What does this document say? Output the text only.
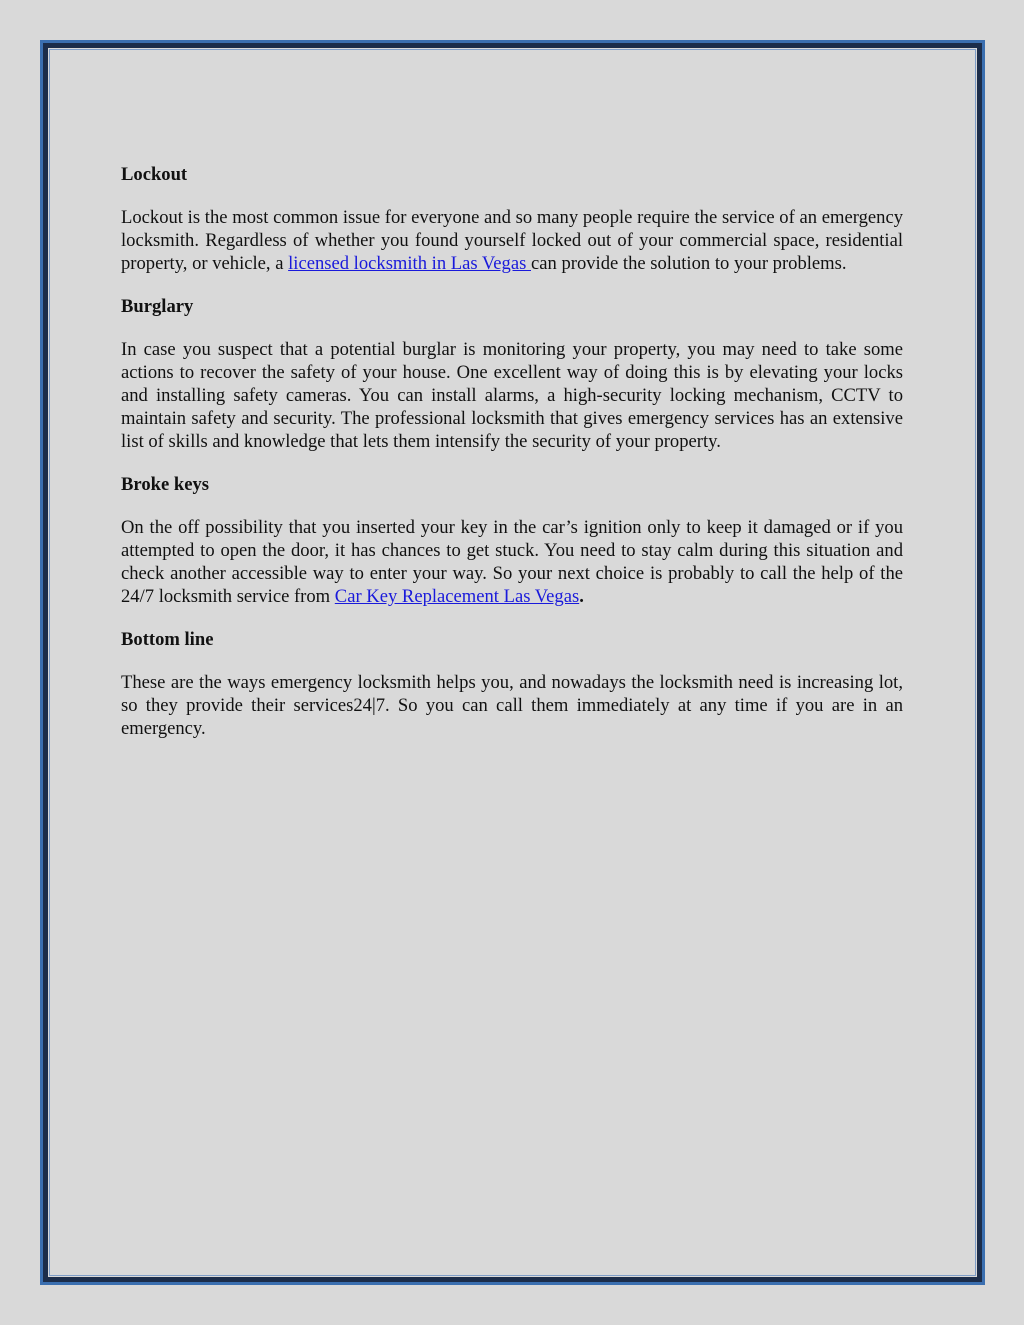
Lockout

Lockout is the most common issue for everyone and so many people require the service of an emergency locksmith. Regardless of whether you found yourself locked out of your commercial space, residential property, or vehicle, a licensed locksmith in Las Vegas can provide the solution to your problems.

Burglary

In case you suspect that a potential burglar is monitoring your property, you may need to take some actions to recover the safety of your house. One excellent way of doing this is by elevating your locks and installing safety cameras. You can install alarms, a high-security locking mechanism, CCTV to maintain safety and security. The professional locksmith that gives emergency services has an extensive list of skills and knowledge that lets them intensify the security of your property.

Broke keys

On the off possibility that you inserted your key in the car’s ignition only to keep it damaged or if you attempted to open the door, it has chances to get stuck. You need to stay calm during this situation and check another accessible way to enter your way. So your next choice is probably to call the help of the 24/7 locksmith service from Car Key Replacement Las Vegas.

Bottom line

These are the ways emergency locksmith helps you, and nowadays the locksmith need is increasing lot, so they provide their services24|7. So you can call them immediately at any time if you are in an emergency.
